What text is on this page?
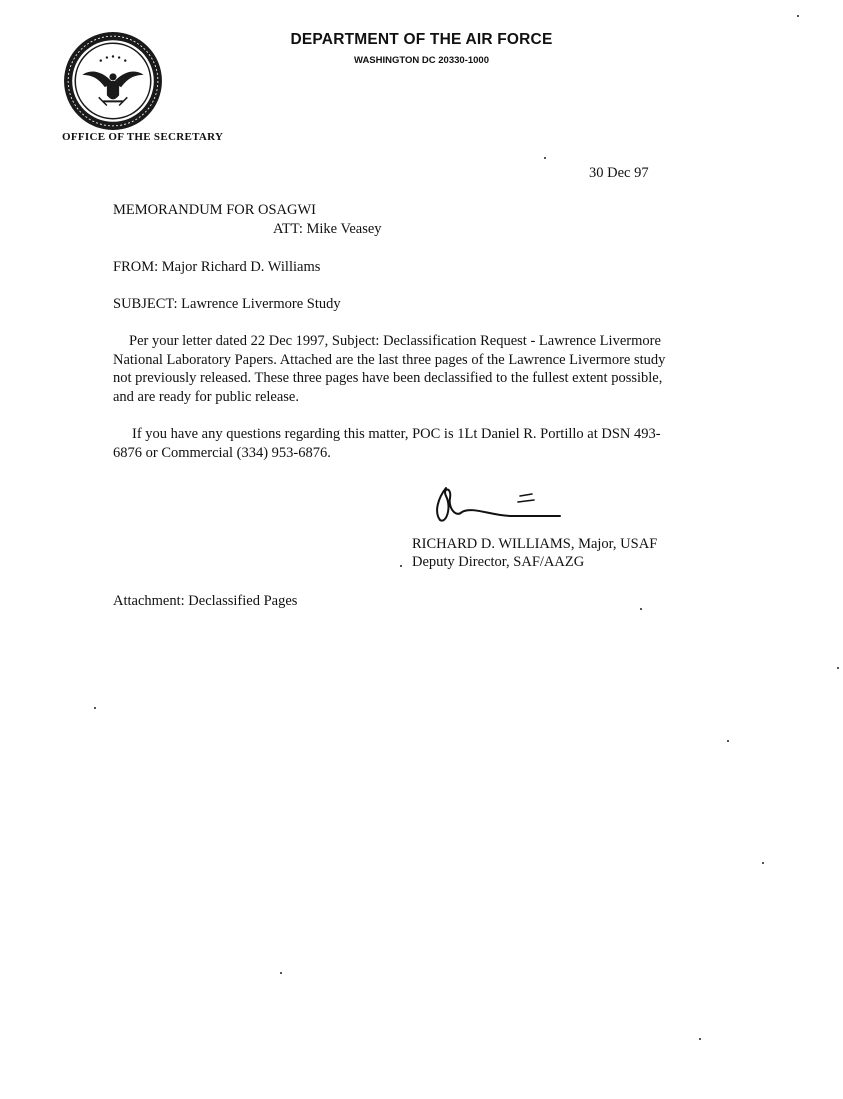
DEPARTMENT OF THE AIR FORCE
WASHINGTON DC 20330-1000
OFFICE OF THE SECRETARY
30 Dec 97
MEMORANDUM FOR OSAGWI
ATT: Mike Veasey
FROM: Major Richard D. Williams
SUBJECT: Lawrence Livermore Study
Per your letter dated 22 Dec 1997, Subject: Declassification Request - Lawrence Livermore
National Laboratory Papers. Attached are the last three pages of the Lawrence Livermore study
not previously released. These three pages have been declassified to the fullest extent possible,
and are ready for public release.
If you have any questions regarding this matter, POC is 1Lt Daniel R. Portillo at DSN 493-
6876 or Commercial (334) 953-6876.
RICHARD D. WILLIAMS, Major, USAF
Deputy Director, SAF/AAZG
Attachment: Declassified Pages
